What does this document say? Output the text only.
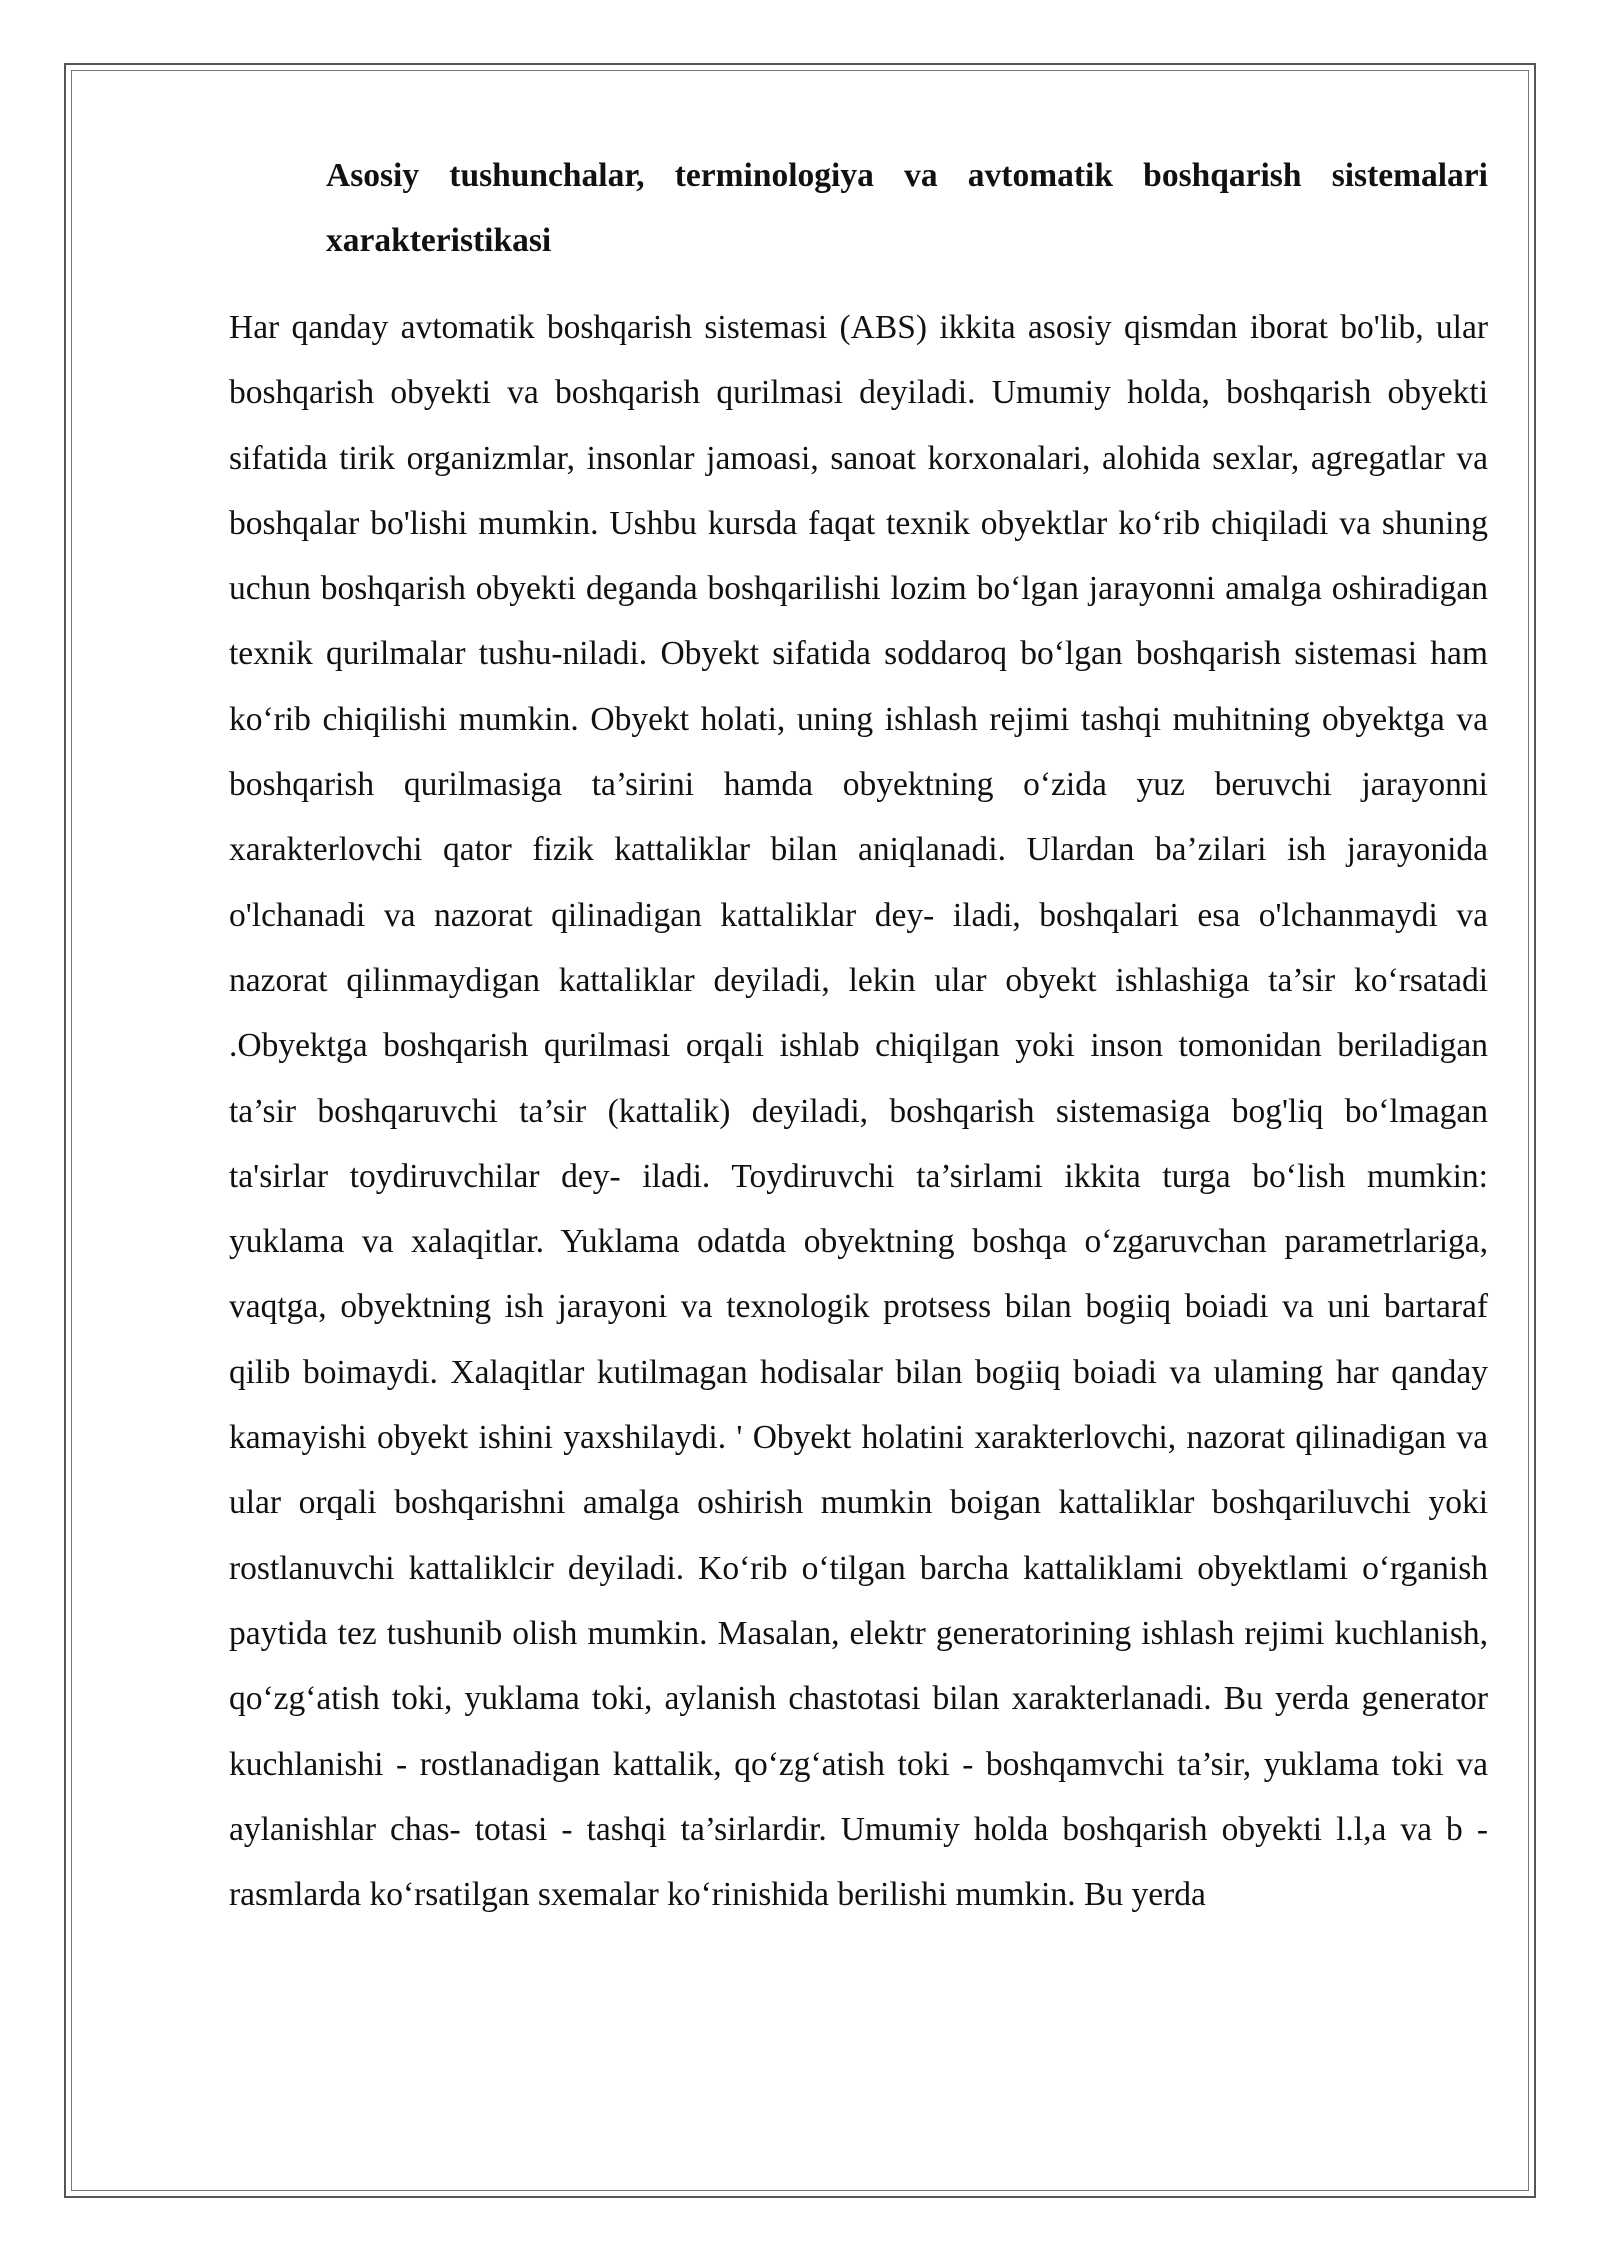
Asosiy tushunchalar, terminologiya va avtomatik boshqarish sistemalari xarakteristikasi

Har qanday avtomatik boshqarish sistemasi (ABS) ikkita asosiy qismdan iborat bo'lib, ular boshqarish obyekti va boshqarish qurilmasi deyiladi. Umumiy holda, boshqarish obyekti sifatida tirik organizmlar, insonlar jamoasi, sanoat korxonalari, alohida sexlar, agregatlar va boshqalar bo'lishi mumkin. Ushbu kursda faqat texnik obyektlar ko‘rib chiqiladi va shuning uchun boshqarish obyekti deganda boshqarilishi lozim bo‘lgan jarayonni amalga oshiradigan texnik qurilmalar tushu-niladi. Obyekt sifatida soddaroq bo‘lgan boshqarish sistemasi ham ko‘rib chiqilishi mumkin. Obyekt holati, uning ishlash rejimi tashqi muhitning obyektga va boshqarish qurilmasiga ta’sirini hamda obyektning o‘zida yuz beruvchi jarayonni xarakterlovchi qator fizik kattaliklar bilan aniqlanadi. Ulardan ba’zilari ish jarayonida o'lchanadi va nazorat qilinadigan kattaliklar dey- iladi, boshqalari esa o'lchanmaydi va nazorat qilinmaydigan kattaliklar deyiladi, lekin ular obyekt ishlashiga ta’sir ko‘rsatadi .Obyektga boshqarish qurilmasi orqali ishlab chiqilgan yoki inson tomonidan beriladigan ta’sir boshqaruvchi ta’sir (kattalik) deyiladi, boshqarish sistemasiga bog'liq bo‘lmagan ta'sirlar toydiruvchilar dey- iladi. Toydiruvchi ta’sirlami ikkita turga bo‘lish mumkin: yuklama va xalaqitlar. Yuklama odatda obyektning boshqa o‘zgaruvchan parametrlariga, vaqtga, obyektning ish jarayoni va texnologik protsess bilan bogiiq boiadi va uni bartaraf qilib boimaydi. Xalaqitlar kutilmagan hodisalar bilan bogiiq boiadi va ulaming har qanday kamayishi obyekt ishini yaxshilaydi. ' Obyekt holatini xarakterlovchi, nazorat qilinadigan va ular orqali boshqarishni amalga oshirish mumkin boigan kattaliklar boshqariluvchi yoki rostlanuvchi kattaliklcir deyiladi. Ko‘rib o‘tilgan barcha kattaliklami obyektlami o‘rganish paytida tez tushunib olish mumkin. Masalan, elektr generatorining ishlash rejimi kuchlanish, qo‘zg‘atish toki, yuklama toki, aylanish chastotasi bilan xarakterlanadi. Bu yerda generator kuchlanishi - rostlanadigan kattalik, qo‘zg‘atish toki - boshqamvchi ta’sir, yuklama toki va aylanishlar chas- totasi - tashqi ta’sirlardir. Umumiy holda boshqarish obyekti l.l,a va b - rasmlarda ko‘rsatilgan sxemalar ko‘rinishida berilishi mumkin. Bu yerda
